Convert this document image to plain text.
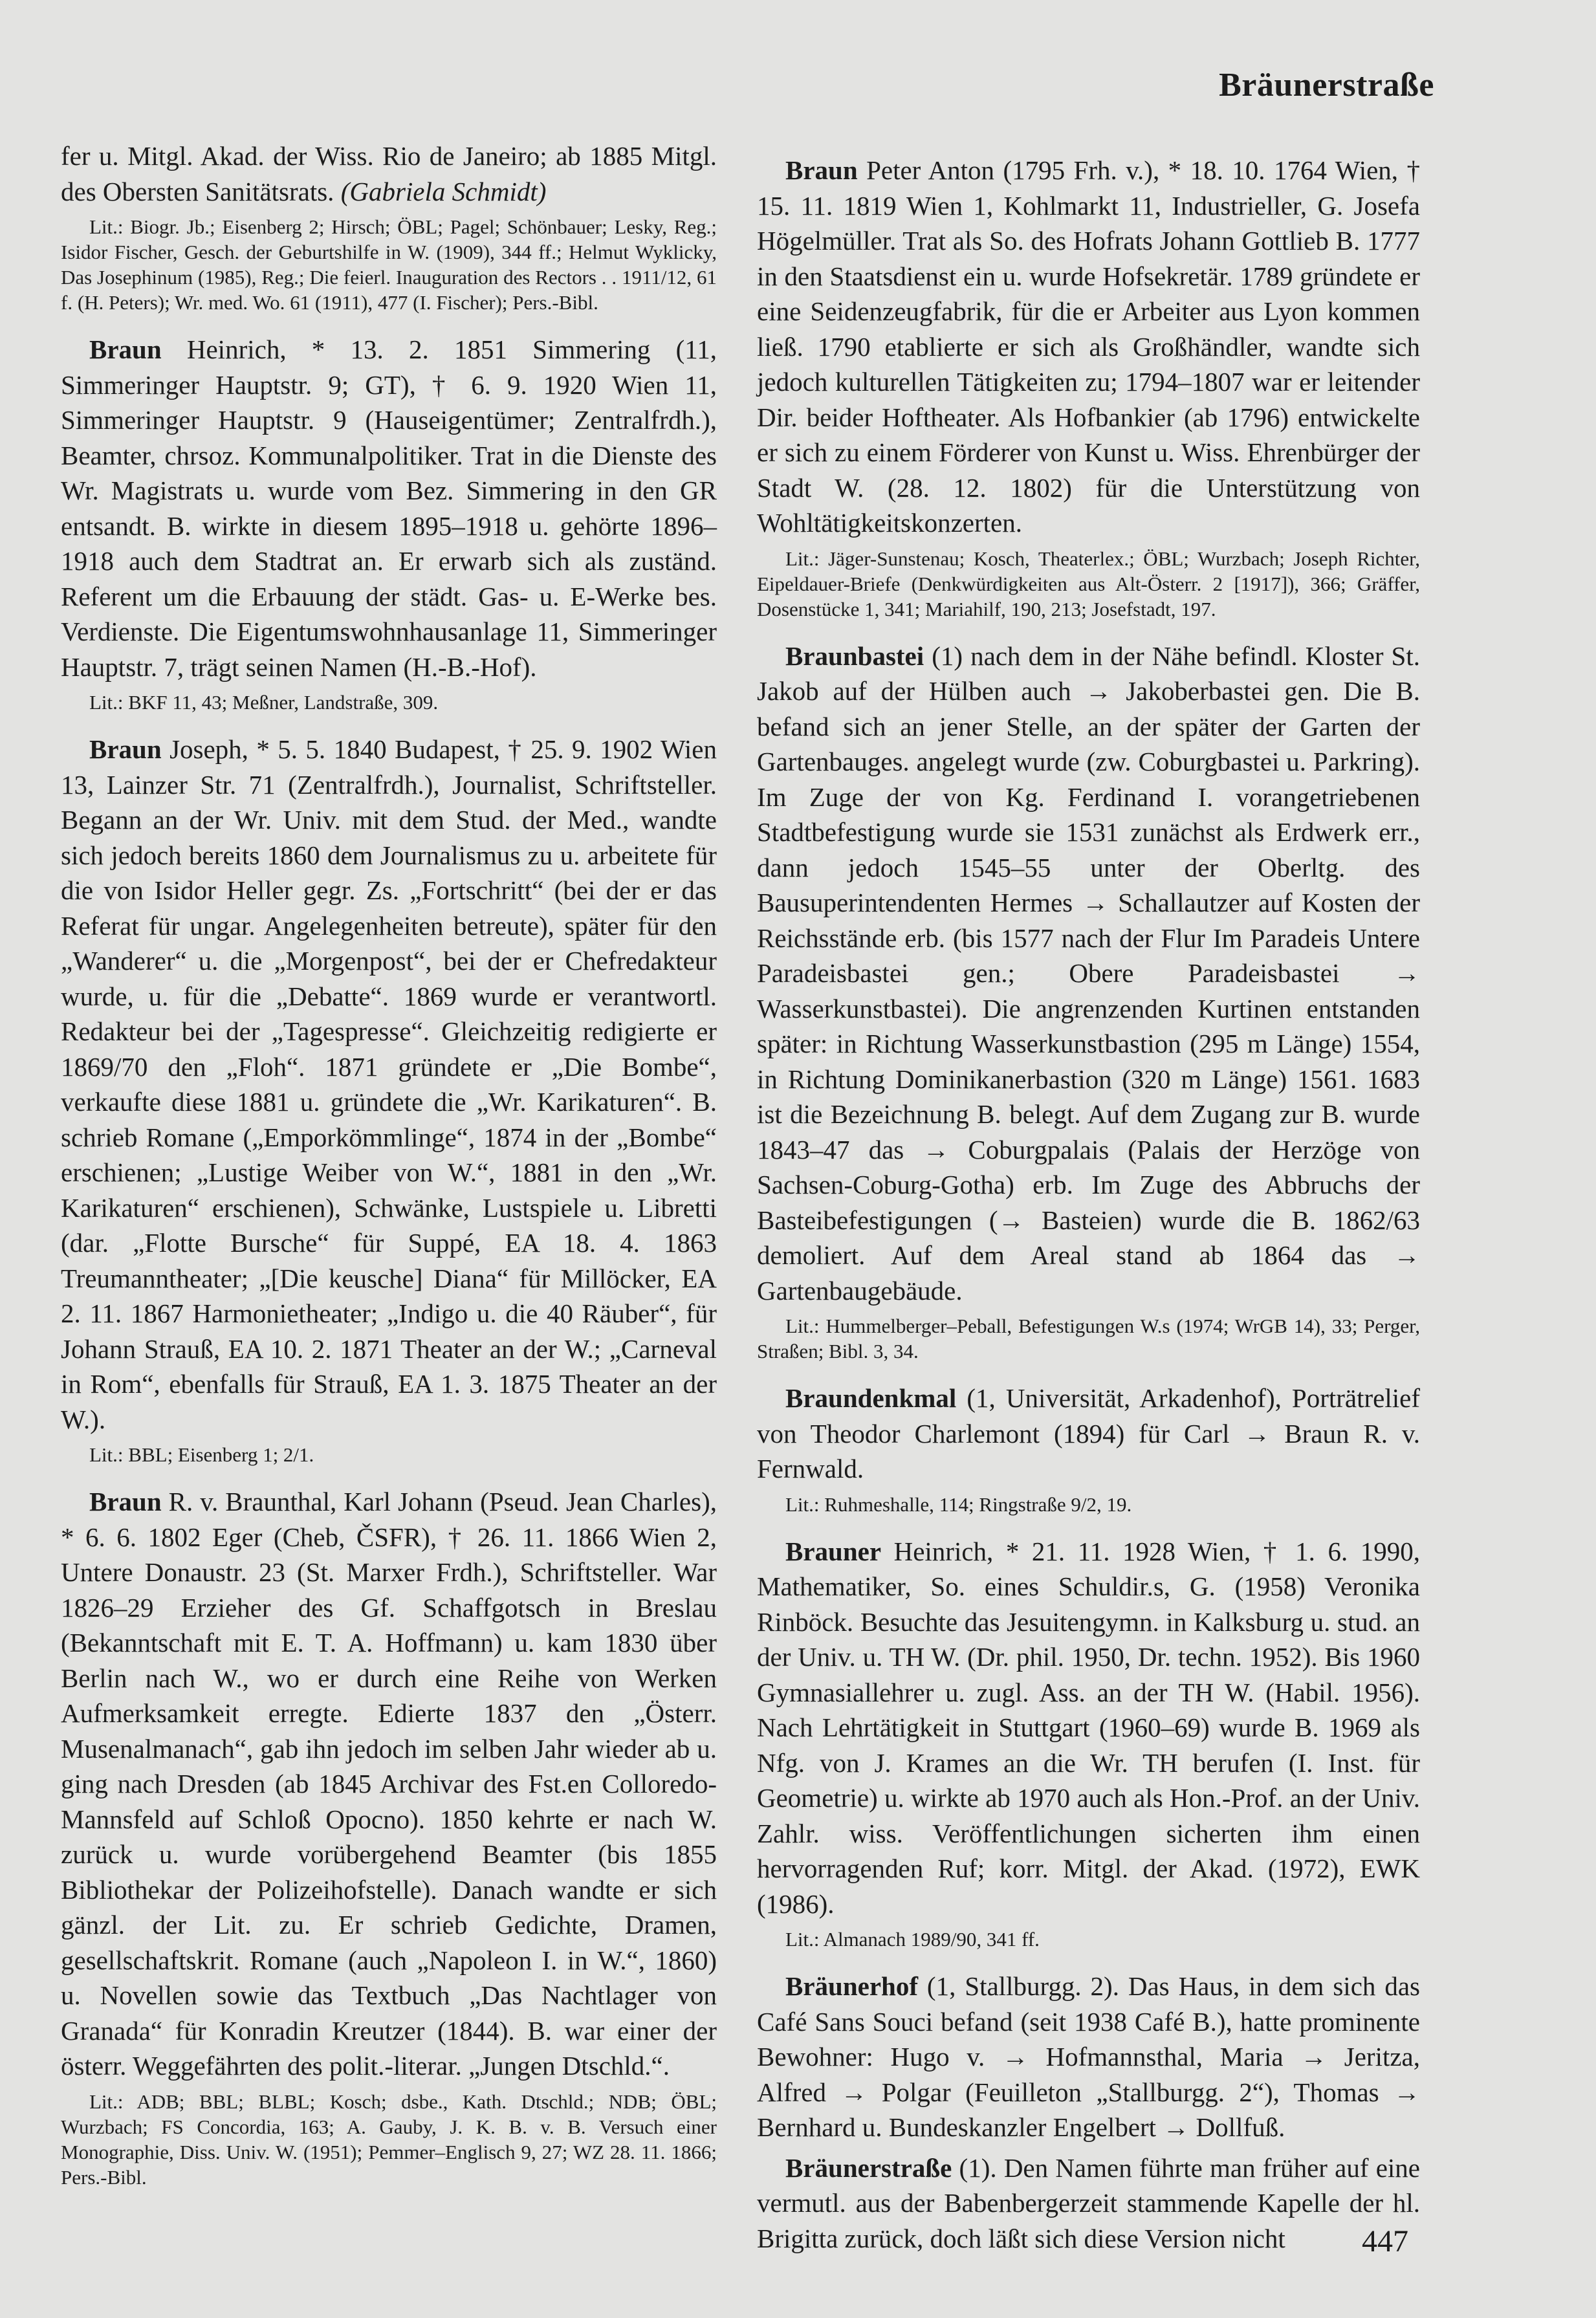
Bräunerstraße

fer u. Mitgl. Akad. der Wiss. Rio de Janeiro; ab 1885 Mitgl. des Obersten Sanitätsrats. (Gabriela Schmidt)

Lit.: Biogr. Jb.; Eisenberg 2; Hirsch; ÖBL; Pagel; Schönbauer; Lesky, Reg.; Isidor Fischer, Gesch. der Geburtshilfe in W. (1909), 344 ff.; Helmut Wyklicky, Das Josephinum (1985), Reg.; Die feierl. Inauguration des Rectors . . 1911/12, 61 f. (H. Peters); Wr. med. Wo. 61 (1911), 477 (I. Fischer); Pers.-Bibl.

Braun Heinrich, * 13. 2. 1851 Simmering (11, Simmeringer Hauptstr. 9; GT), † 6. 9. 1920 Wien 11, Simmeringer Hauptstr. 9 (Hauseigentümer; Zentralfrdh.), Beamter, chrsoz. Kommunalpolitiker. Trat in die Dienste des Wr. Magistrats u. wurde vom Bez. Simmering in den GR entsandt. B. wirkte in diesem 1895–1918 u. gehörte 1896–1918 auch dem Stadtrat an. Er erwarb sich als zuständ. Referent um die Erbauung der städt. Gas- u. E-Werke bes. Verdienste. Die Eigentumswohnhausanlage 11, Simmeringer Hauptstr. 7, trägt seinen Namen (H.-B.-Hof).

Lit.: BKF 11, 43; Meßner, Landstraße, 309.

Braun Joseph, * 5. 5. 1840 Budapest, † 25. 9. 1902 Wien 13, Lainzer Str. 71 (Zentralfrdh.), Journalist, Schriftsteller. Begann an der Wr. Univ. mit dem Stud. der Med., wandte sich jedoch bereits 1860 dem Journalismus zu u. arbeitete für die von Isidor Heller gegr. Zs. „Fortschritt“ (bei der er das Referat für ungar. Angelegenheiten betreute), später für den „Wanderer“ u. die „Morgenpost“, bei der er Chefredakteur wurde, u. für die „Debatte“. 1869 wurde er verantwortl. Redakteur bei der „Tagespresse“. Gleichzeitig redigierte er 1869/70 den „Floh“. 1871 gründete er „Die Bombe“, verkaufte diese 1881 u. gründete die „Wr. Karikaturen“. B. schrieb Romane („Emporkömmlinge“, 1874 in der „Bombe“ erschienen; „Lustige Weiber von W.“, 1881 in den „Wr. Karikaturen“ erschienen), Schwänke, Lustspiele u. Libretti (dar. „Flotte Bursche“ für Suppé, EA 18. 4. 1863 Treumanntheater; „[Die keusche] Diana“ für Millöcker, EA 2. 11. 1867 Harmonietheater; „Indigo u. die 40 Räuber“, für Johann Strauß, EA 10. 2. 1871 Theater an der W.; „Carneval in Rom“, ebenfalls für Strauß, EA 1. 3. 1875 Theater an der W.).

Lit.: BBL; Eisenberg 1; 2/1.

Braun R. v. Braunthal, Karl Johann (Pseud. Jean Charles), * 6. 6. 1802 Eger (Cheb, ČSFR), † 26. 11. 1866 Wien 2, Untere Donaustr. 23 (St. Marxer Frdh.), Schriftsteller. War 1826–29 Erzieher des Gf. Schaffgotsch in Breslau (Bekanntschaft mit E. T. A. Hoffmann) u. kam 1830 über Berlin nach W., wo er durch eine Reihe von Werken Aufmerksamkeit erregte. Edierte 1837 den „Österr. Musenalmanach“, gab ihn jedoch im selben Jahr wieder ab u. ging nach Dresden (ab 1845 Archivar des Fst.en Colloredo-Mannsfeld auf Schloß Opocno). 1850 kehrte er nach W. zurück u. wurde vorübergehend Beamter (bis 1855 Bibliothekar der Polizeihofstelle). Danach wandte er sich gänzl. der Lit. zu. Er schrieb Gedichte, Dramen, gesellschaftskrit. Romane (auch „Napoleon I. in W.“, 1860) u. Novellen sowie das Textbuch „Das Nachtlager von Granada“ für Konradin Kreutzer (1844). B. war einer der österr. Weggefährten des polit.-literar. „Jungen Dtschld.“.

Lit.: ADB; BBL; BLBL; Kosch; dsbe., Kath. Dtschld.; NDB; ÖBL; Wurzbach; FS Concordia, 163; A. Gauby, J. K. B. v. B. Versuch einer Monographie, Diss. Univ. W. (1951); Pemmer–Englisch 9, 27; WZ 28. 11. 1866; Pers.-Bibl.

Braun Peter Anton (1795 Frh. v.), * 18. 10. 1764 Wien, † 15. 11. 1819 Wien 1, Kohlmarkt 11, Industrieller, G. Josefa Högelmüller. Trat als So. des Hofrats Johann Gottlieb B. 1777 in den Staatsdienst ein u. wurde Hofsekretär. 1789 gründete er eine Seidenzeugfabrik, für die er Arbeiter aus Lyon kommen ließ. 1790 etablierte er sich als Großhändler, wandte sich jedoch kulturellen Tätigkeiten zu; 1794–1807 war er leitender Dir. beider Hoftheater. Als Hofbankier (ab 1796) entwickelte er sich zu einem Förderer von Kunst u. Wiss. Ehrenbürger der Stadt W. (28. 12. 1802) für die Unterstützung von Wohltätigkeitskonzerten.

Lit.: Jäger-Sunstenau; Kosch, Theaterlex.; ÖBL; Wurzbach; Joseph Richter, Eipeldauer-Briefe (Denkwürdigkeiten aus Alt-Österr. 2 [1917]), 366; Gräffer, Dosenstücke 1, 341; Mariahilf, 190, 213; Josefstadt, 197.

Braunbastei (1) nach dem in der Nähe befindl. Kloster St. Jakob auf der Hülben auch → Jakoberbastei gen. Die B. befand sich an jener Stelle, an der später der Garten der Gartenbauges. angelegt wurde (zw. Coburgbastei u. Parkring). Im Zuge der von Kg. Ferdinand I. vorangetriebenen Stadtbefestigung wurde sie 1531 zunächst als Erdwerk err., dann jedoch 1545–55 unter der Oberltg. des Bausuperintendenten Hermes → Schallautzer auf Kosten der Reichsstände erb. (bis 1577 nach der Flur Im Paradeis Untere Paradeisbastei gen.; Obere Paradeisbastei → Wasserkunstbastei). Die angrenzenden Kurtinen entstanden später: in Richtung Wasserkunstbastion (295 m Länge) 1554, in Richtung Dominikanerbastion (320 m Länge) 1561. 1683 ist die Bezeichnung B. belegt. Auf dem Zugang zur B. wurde 1843–47 das → Coburgpalais (Palais der Herzöge von Sachsen-Coburg-Gotha) erb. Im Zuge des Abbruchs der Basteibefestigungen (→ Basteien) wurde die B. 1862/63 demoliert. Auf dem Areal stand ab 1864 das → Gartenbaugebäude.

Lit.: Hummelberger–Peball, Befestigungen W.s (1974; WrGB 14), 33; Perger, Straßen; Bibl. 3, 34.

Braundenkmal (1, Universität, Arkadenhof), Porträtrelief von Theodor Charlemont (1894) für Carl → Braun R. v. Fernwald.

Lit.: Ruhmeshalle, 114; Ringstraße 9/2, 19.

Brauner Heinrich, * 21. 11. 1928 Wien, † 1. 6. 1990, Mathematiker, So. eines Schuldir.s, G. (1958) Veronika Rinböck. Besuchte das Jesuitengymn. in Kalksburg u. stud. an der Univ. u. TH W. (Dr. phil. 1950, Dr. techn. 1952). Bis 1960 Gymnasiallehrer u. zugl. Ass. an der TH W. (Habil. 1956). Nach Lehrtätigkeit in Stuttgart (1960–69) wurde B. 1969 als Nfg. von J. Krames an die Wr. TH berufen (I. Inst. für Geometrie) u. wirkte ab 1970 auch als Hon.-Prof. an der Univ. Zahlr. wiss. Veröffentlichungen sicherten ihm einen hervorragenden Ruf; korr. Mitgl. der Akad. (1972), EWK (1986).

Lit.: Almanach 1989/90, 341 ff.

Bräunerhof (1, Stallburgg. 2). Das Haus, in dem sich das Café Sans Souci befand (seit 1938 Café B.), hatte prominente Bewohner: Hugo v. → Hofmannsthal, Maria → Jeritza, Alfred → Polgar (Feuilleton „Stallburgg. 2“), Thomas → Bernhard u. Bundeskanzler Engelbert → Dollfuß.

Bräunerstraße (1). Den Namen führte man früher auf eine vermutl. aus der Babenbergerzeit stammende Kapelle der hl. Brigitta zurück, doch läßt sich diese Version nicht	447
